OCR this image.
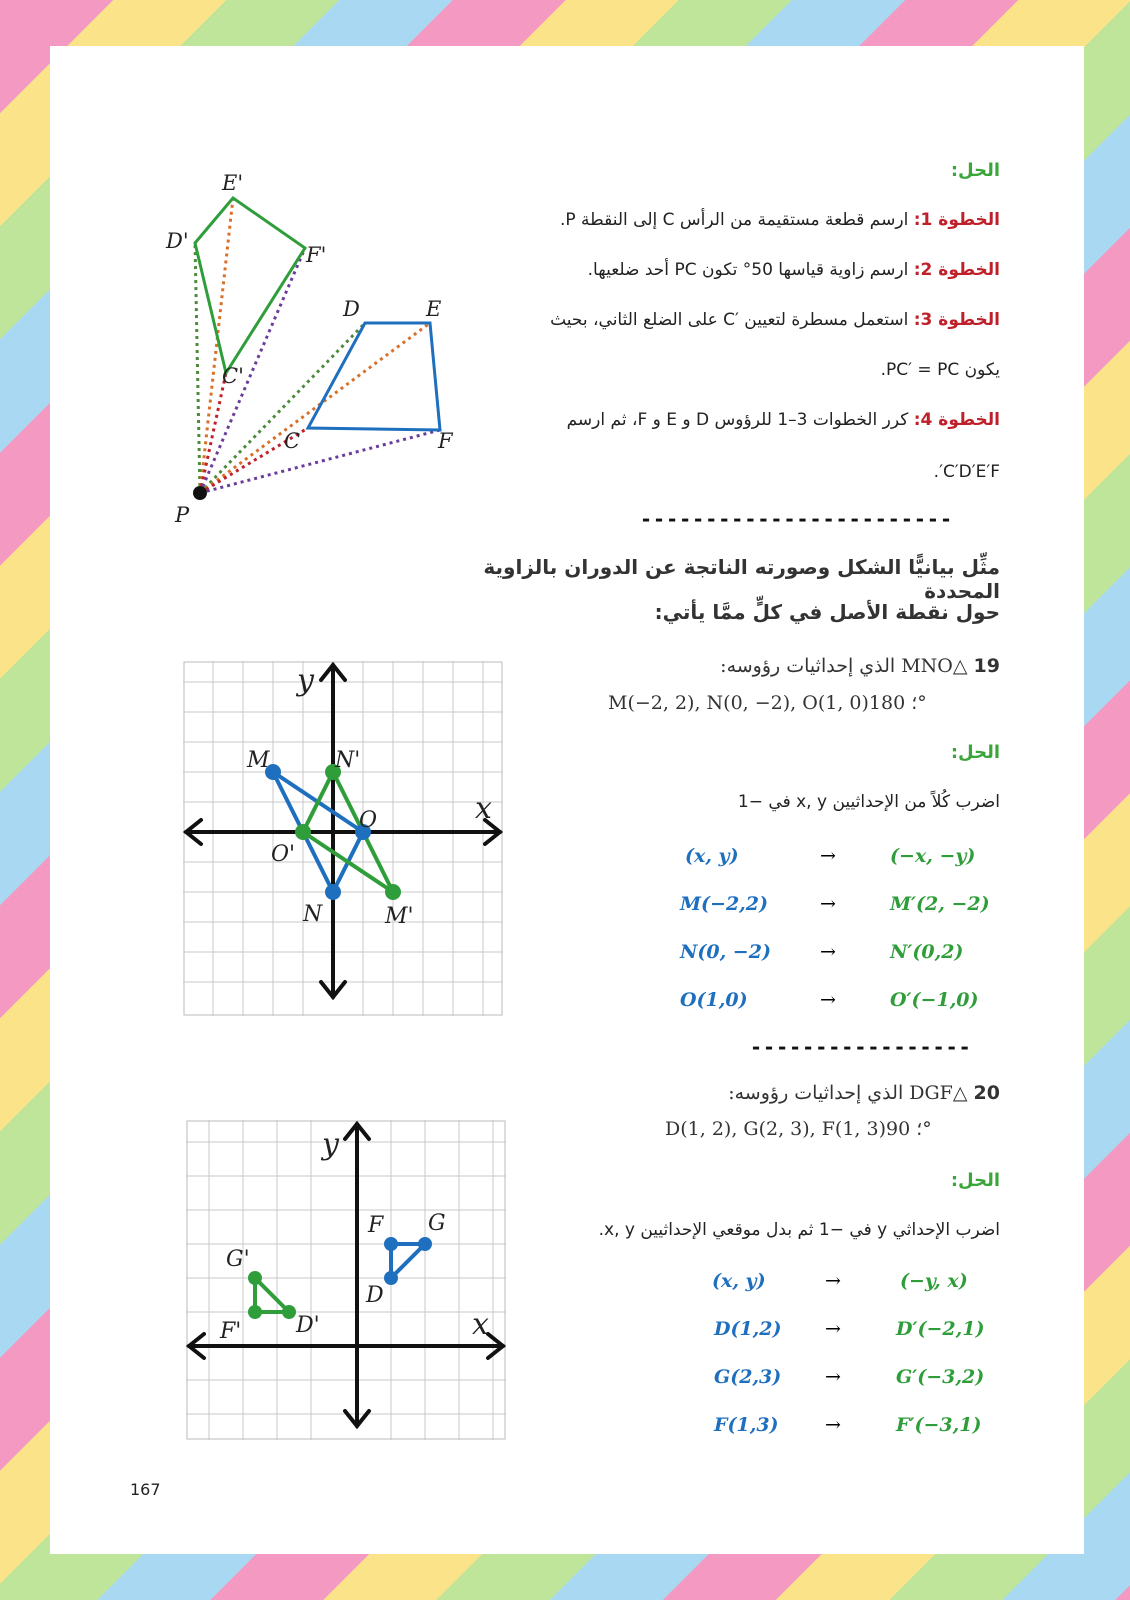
E'
D'
F'
C'
D	E
C	F
P
الحل:
الخطوة 1: ارسم قطعة مستقيمة من الرأس C إلى النقطة P.
الخطوة 2: ارسم زاوية قياسها 50° تكون PC أحد ضلعيها.
الخطوة 3: استعمل مسطرة لتعيين ′C على الضلع الثاني، بحيث
يكون PC′ = PC.
الخطوة 4: كرر الخطوات 3–1 للرؤوس D و E و F، ثم ارسم
C′D′E′F′.
------------------------
مثِّل بيانيًّا الشكل وصورته الناتجة عن الدوران بالزاوية المحددة
حول نقطة الأصل في كلٍّ ممَّا يأتي:
19 △MNO الذي إحداثيات رؤوسه:
M(−2, 2), N(0, −2), O(1, 0)؛ 180°
y
x
M	N'
O
O'
N	M'
الحل:
اضرب كُلاً من الإحداثيين x, y في −1
(x, y)	→	(−x, −y)
M(−2,2)	→	M′(2, −2)
N(0, −2)	→	N′(0,2)
O(1,0)	→	O′(−1,0)
-----------------
20 △DGF الذي إحداثيات رؤوسه:
D(1, 2), G(2, 3), F(1, 3)؛ 90°
y
x
F G
D
G'
F' D'
الحل:
اضرب الإحداثي y في −1 ثم بدل موقعي الإحداثيين x, y.
(x, y)	→	(−y, x)
D(1,2) →	D′(−2,1)
G(2,3) →	G′(−3,2)
F(1,3) →	F′(−3,1)
167
